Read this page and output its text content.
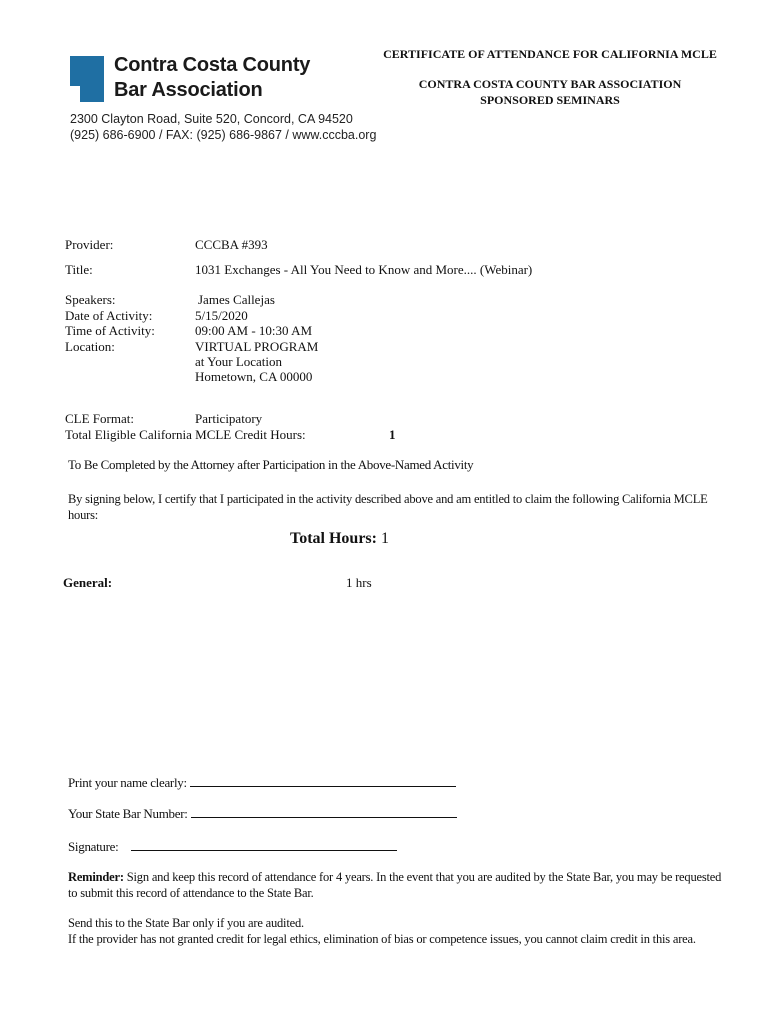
Contra Costa County
Bar Association
2300 Clayton Road, Suite 520, Concord, CA 94520
(925) 686-6900 / FAX: (925) 686-9867 / www.cccba.org
CERTIFICATE OF ATTENDANCE FOR CALIFORNIA MCLE
CONTRA COSTA COUNTY BAR ASSOCIATION
SPONSORED SEMINARS
Provider:	CCCBA #393
Title:	1031 Exchanges - All You Need to Know and More.... (Webinar)
Speakers:	James Callejas
Date of Activity:	5/15/2020
Time of Activity:	09:00 AM - 10:30 AM
Location:	VIRTUAL PROGRAM
at Your Location
Hometown, CA 00000
CLE Format:	Participatory
Total Eligible California MCLE Credit Hours:	1
To Be Completed by the Attorney after Participation in the Above-Named Activity
By signing below, I certify that I participated in the activity described above and am entitled to claim the following California MCLE hours:
Total Hours: 1
General:	1 hrs
Print your name clearly:
Your State Bar Number:
Signature:
Reminder: Sign and keep this record of attendance for 4 years. In the event that you are audited by the State Bar, you may be requested to submit this record of attendance to the State Bar.
Send this to the State Bar only if you are audited.
If the provider has not granted credit for legal ethics, elimination of bias or competence issues, you cannot claim credit in this area.
